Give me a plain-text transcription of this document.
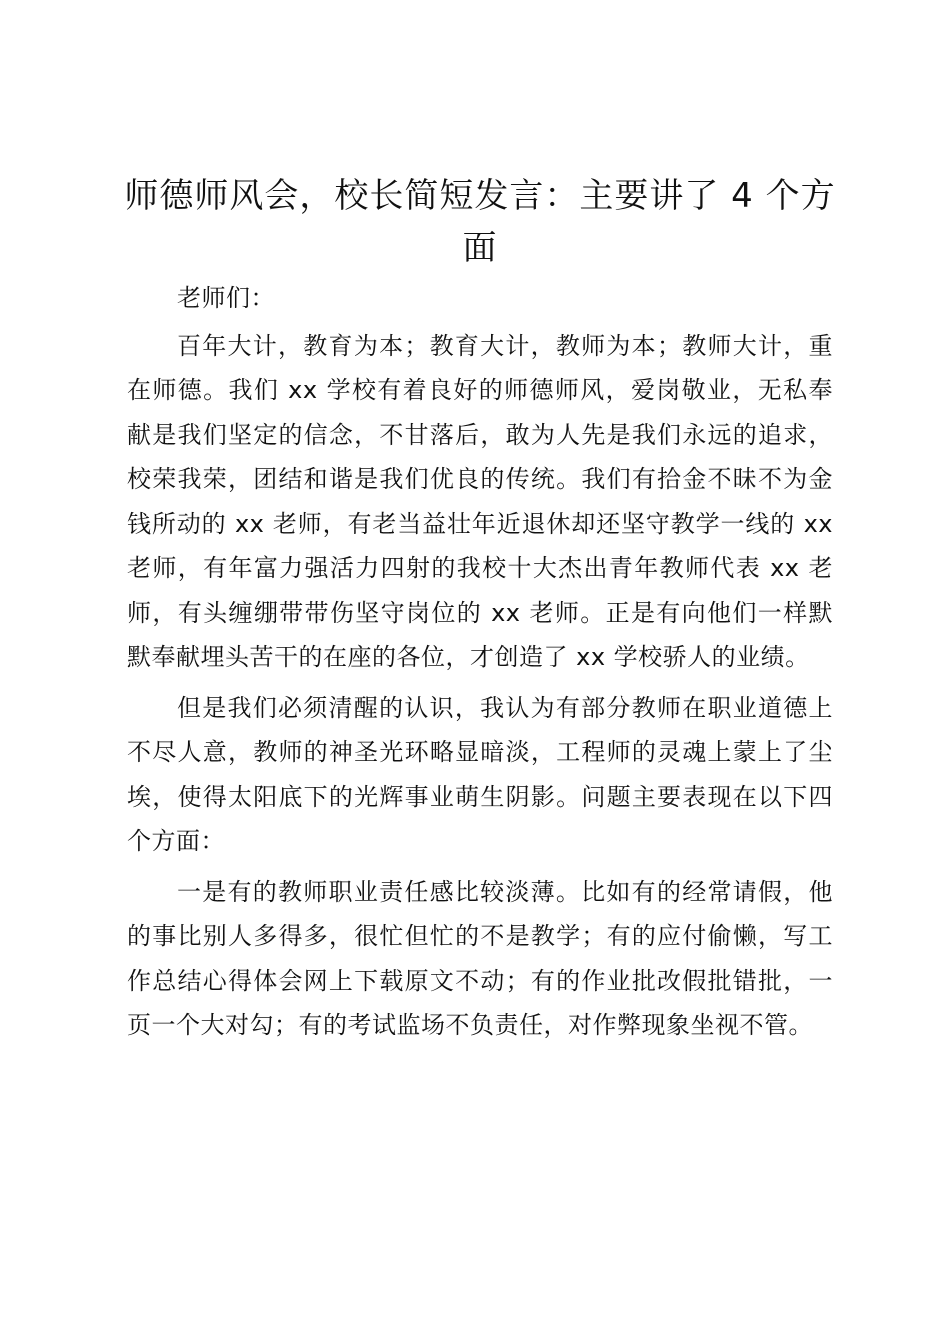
师德师风会，校长简短发言：主要讲了 4 个方面

老师们：

百年大计，教育为本；教育大计，教师为本；教师大计，重在师德。我们 xx 学校有着良好的师德师风，爱岗敬业，无私奉献是我们坚定的信念，不甘落后，敢为人先是我们永远的追求，校荣我荣，团结和谐是我们优良的传统。我们有拾金不昧不为金钱所动的 xx 老师，有老当益壮年近退休却还坚守教学一线的 xx 老师，有年富力强活力四射的我校十大杰出青年教师代表 xx 老师，有头缠绷带带伤坚守岗位的 xx 老师。正是有向他们一样默默奉献埋头苦干的在座的各位，才创造了 xx 学校骄人的业绩。

但是我们必须清醒的认识，我认为有部分教师在职业道德上不尽人意，教师的神圣光环略显暗淡，工程师的灵魂上蒙上了尘埃，使得太阳底下的光辉事业萌生阴影。问题主要表现在以下四个方面：

一是有的教师职业责任感比较淡薄。比如有的经常请假，他的事比别人多得多，很忙但忙的不是教学；有的应付偷懒，写工作总结心得体会网上下载原文不动；有的作业批改假批错批，一页一个大对勾；有的考试监场不负责任，对作弊现象坐视不管。
